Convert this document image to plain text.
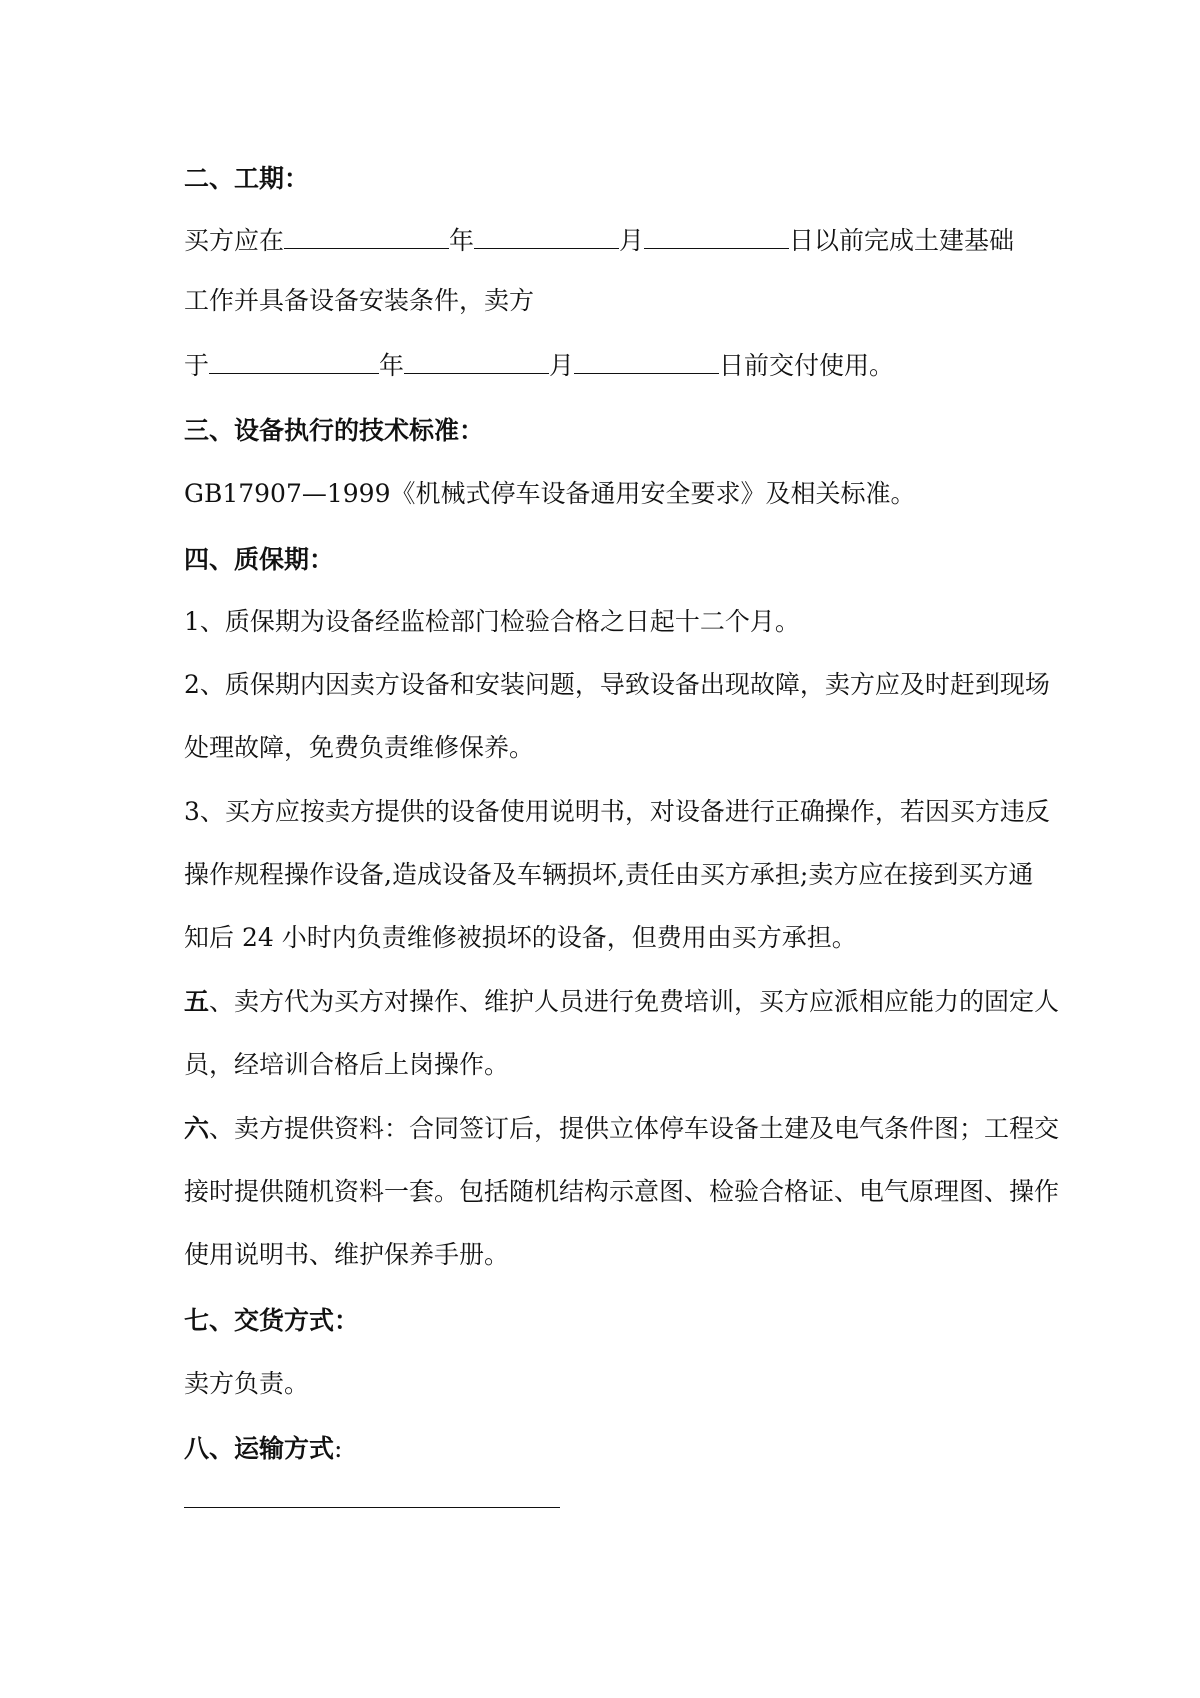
二、工期：
买方应在	年	月	日以前完成土建基础
工作并具备设备安装条件，卖方
于	年	月	日前交付使用。
三、设备执行的技术标准：
GB17907—1999《机械式停车设备通用安全要求》及相关标准。
四、质保期：
1、质保期为设备经监检部门检验合格之日起十二个月。
2、质保期内因卖方设备和安装问题，导致设备出现故障，卖方应及时赶到现场
处理故障，免费负责维修保养。
3、买方应按卖方提供的设备使用说明书，对设备进行正确操作，若因买方违反
操作规程操作设备,造成设备及车辆损坏,责任由买方承担;卖方应在接到买方通
知后 24 小时内负责维修被损坏的设备，但费用由买方承担。
五、卖方代为买方对操作、维护人员进行免费培训，买方应派相应能力的固定人
员，经培训合格后上岗操作。
六、卖方提供资料：合同签订后，提供立体停车设备土建及电气条件图；工程交
接时提供随机资料一套。包括随机结构示意图、检验合格证、电气原理图、操作
使用说明书、维护保养手册。
七、交货方式：
卖方负责。
八、运输方式:
